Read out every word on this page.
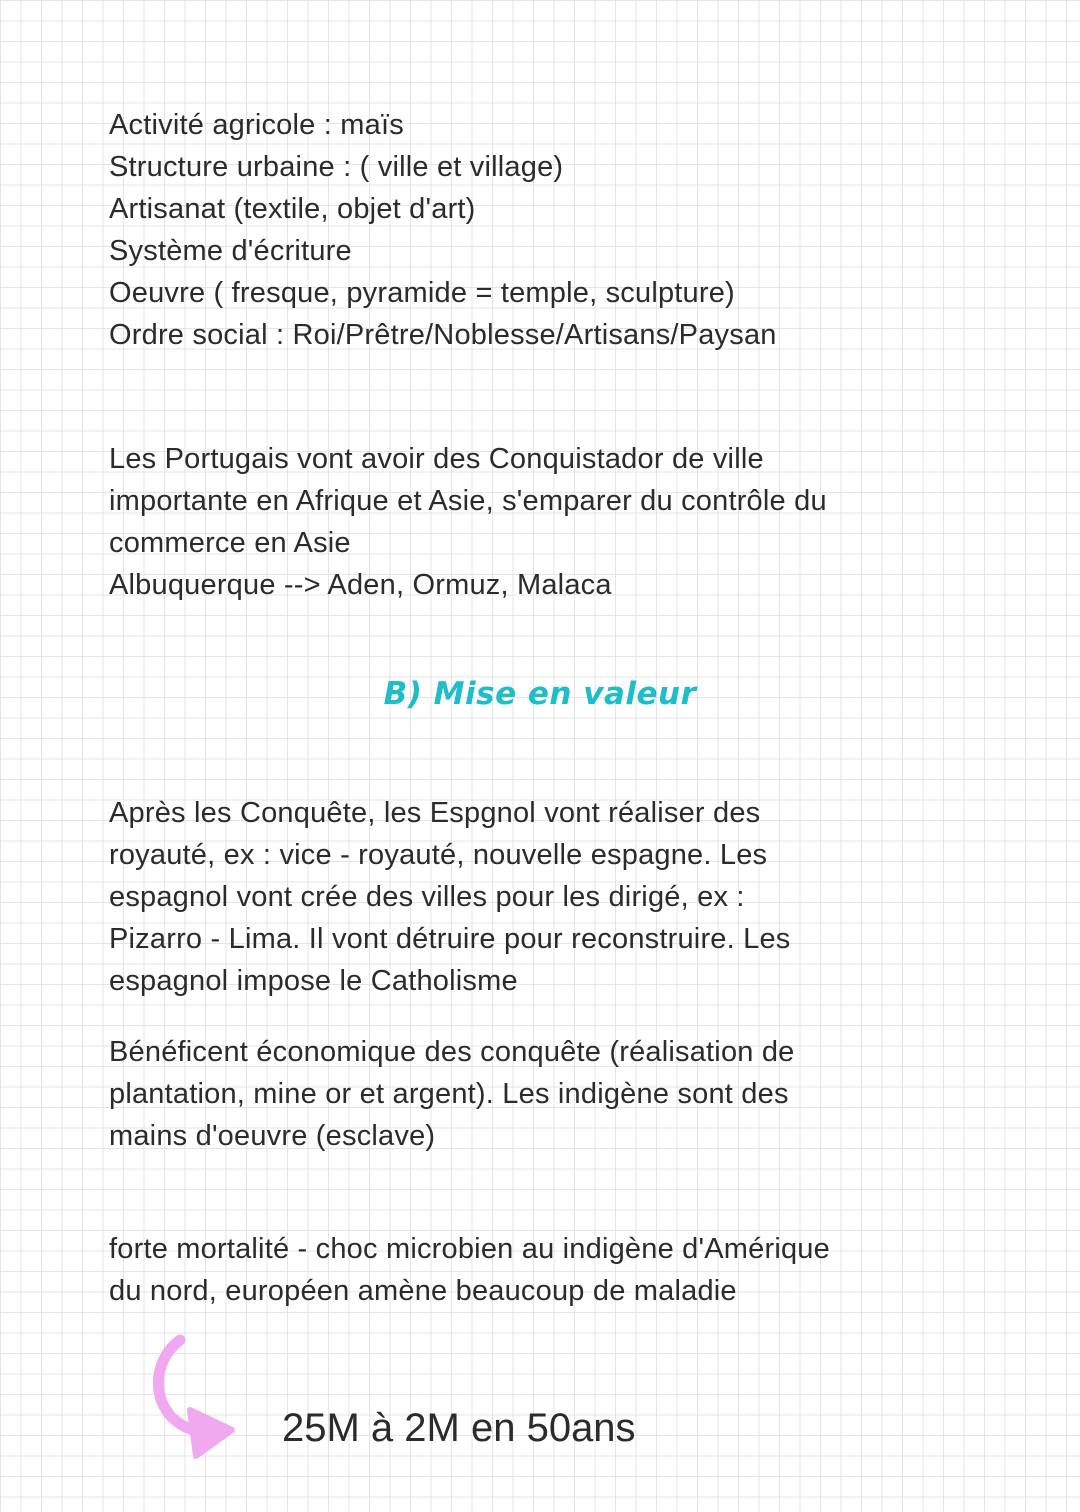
Activité agricole : maïs
Structure urbaine : ( ville et village)
Artisanat (textile, objet d'art)
Système d'écriture
Oeuvre ( fresque, pyramide = temple, sculpture)
Ordre social : Roi/Prêtre/Noblesse/Artisans/Paysan
Les Portugais vont avoir des Conquistador de ville
importante en Afrique et Asie, s'emparer du contrôle du
commerce en Asie
Albuquerque --> Aden, Ormuz, Malaca
B) Mise en valeur
Après les Conquête, les Espgnol vont réaliser des
royauté, ex : vice - royauté, nouvelle espagne. Les
espagnol vont crée des villes pour les dirigé, ex :
Pizarro - Lima. Il vont détruire pour reconstruire. Les
espagnol impose le Catholisme
Bénéficent économique des conquête (réalisation de
plantation, mine or et argent). Les indigène sont des
mains d'oeuvre (esclave)
forte mortalité - choc microbien au indigène d'Amérique
du nord, européen amène beaucoup de maladie
25M à 2M en 50ans
